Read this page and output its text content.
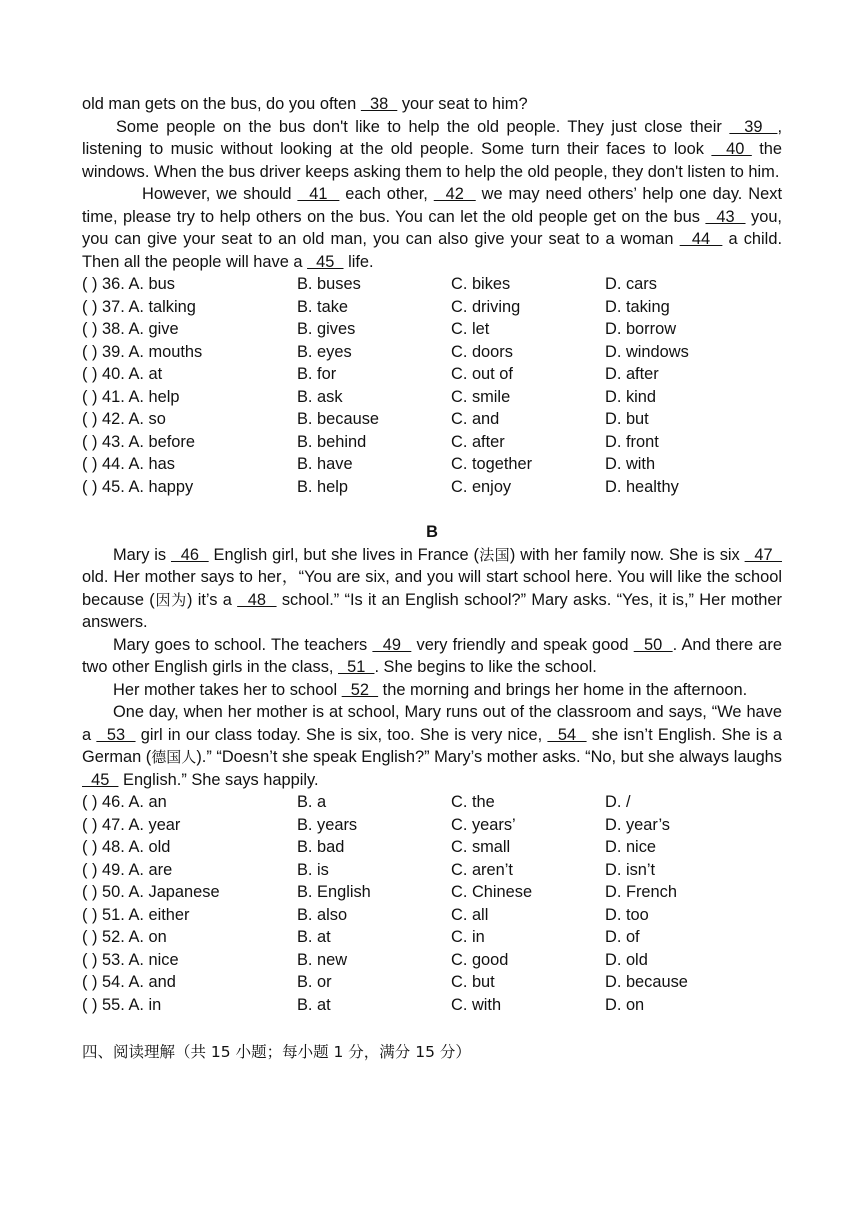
old man gets on the bus, do you often   38   your seat to him?

Some people on the bus don't like to help the old people. They just close their   39  , listening to music without looking at the old people. Some turn their faces to look   40  the windows. When the bus driver keeps asking them to help the old people, they don't listen to him.

However, we should   41   each other,   42   we may need others’ help one day. Next time, please try to help others on the bus. You can let the old people get on the bus   43   you, you can give your seat to an old man, you can also give your seat to a woman   44   a child. Then all the people will have a   45   life.

( ) 36. A. bus	B. buses	C. bikes	D. cars
( ) 37. A. talking	B. take	C. driving	D. taking
( ) 38. A. give	B. gives	C. let	D. borrow
( ) 39. A. mouths	B. eyes	C. doors	D. windows
( ) 40. A. at	B. for	C. out of	D. after
( ) 41. A. help	B. ask	C. smile	D. kind
( ) 42. A. so	B. because	C. and	D. but
( ) 43. A. before	B. behind	C. after	D. front
( ) 44. A. has	B. have	C. together	D. with
( ) 45. A. happy	B. help	C. enjoy	D. healthy
B

Mary is   46   English girl, but she lives in France (法国) with her family now. She is six   47   old. Her mother says to her，“You are six, and you will start school here. You will like the school because (因为) it’s a   48   school.” “Is it an English school?” Mary asks. “Yes, it is,” Her mother answers.

Mary goes to school. The teachers   49   very friendly and speak good   50  . And there are two other English girls in the class,   51  . She begins to like the school.

Her mother takes her to school   52   the morning and brings her home in the afternoon.

One day, when her mother is at school, Mary runs out of the classroom and says, “We have a   53   girl in our class today. She is six, too. She is very nice,   54   she isn’t English. She is a German (德国人).” “Doesn’t she speak English?” Mary’s mother asks. “No, but she always laughs   45   English.” She says happily.

( ) 46. A. an	B. a	C. the	D. /
( ) 47. A. year	B. years	C. years’	D. year’s
( ) 48. A. old	B. bad	C. small	D. nice
( ) 49. A. are	B. is	C. aren’t	D. isn’t
( ) 50. A. Japanese	B. English	C. Chinese	D. French
( ) 51. A. either	B. also	C. all	D. too
( ) 52. A. on	B. at	C. in	D. of
( ) 53. A. nice	B. new	C. good	D. old
( ) 54. A. and	B. or	C. but	D. because
( ) 55. A. in	B. at	C. with	D. on
四、阅读理解（共 15 小题；每小题 1 分，满分 15 分）
